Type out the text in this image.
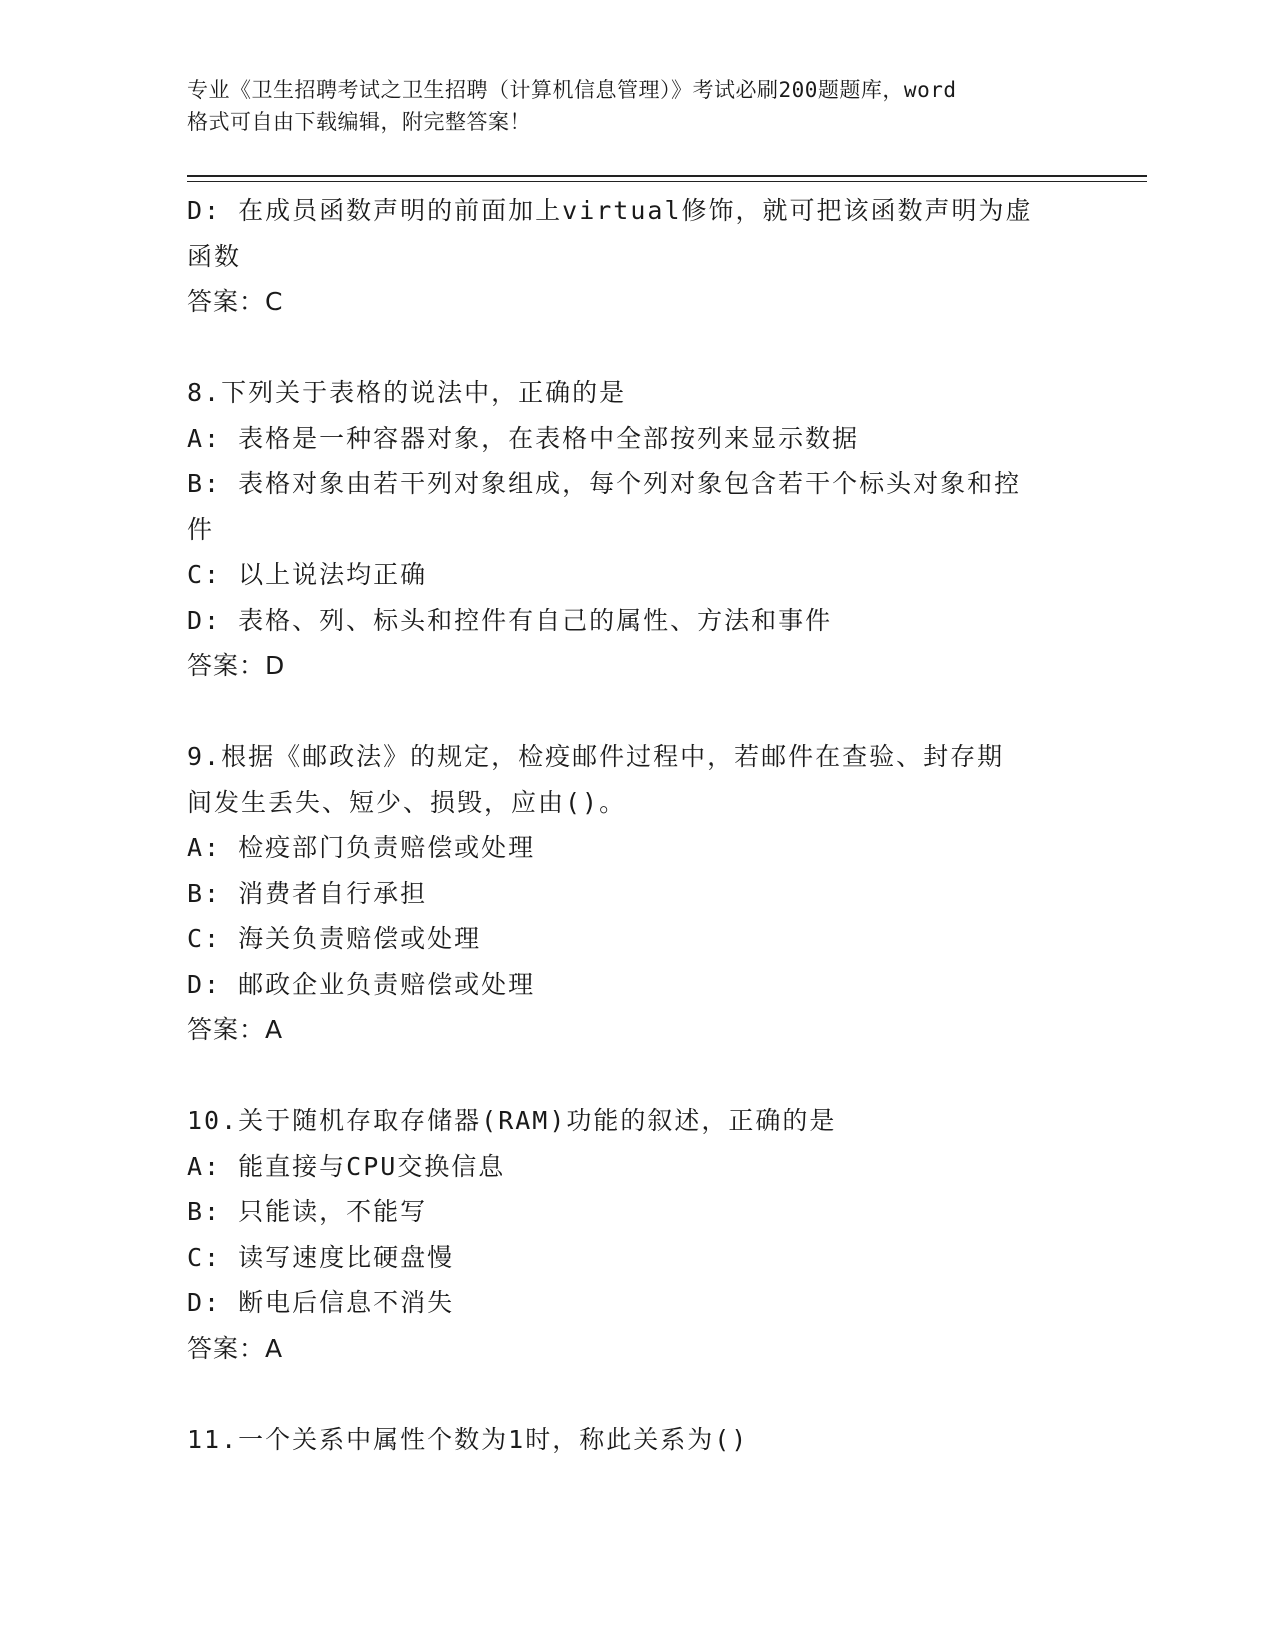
专业《卫生招聘考试之卫生招聘（计算机信息管理）》考试必刷200题题库，word
格式可自由下载编辑，附完整答案！
D: 在成员函数声明的前面加上virtual修饰，就可把该函数声明为虚
函数
答案：C
8.下列关于表格的说法中，正确的是
A: 表格是一种容器对象，在表格中全部按列来显示数据
B: 表格对象由若干列对象组成，每个列对象包含若干个标头对象和控
件
C: 以上说法均正确
D: 表格、列、标头和控件有自己的属性、方法和事件
答案：D
9.根据《邮政法》的规定，检疫邮件过程中，若邮件在查验、封存期
间发生丢失、短少、损毁，应由()。
A: 检疫部门负责赔偿或处理
B: 消费者自行承担
C: 海关负责赔偿或处理
D: 邮政企业负责赔偿或处理
答案：A
10.关于随机存取存储器(RAM)功能的叙述，正确的是
A: 能直接与CPU交换信息
B: 只能读，不能写
C: 读写速度比硬盘慢
D: 断电后信息不消失
答案：A
11.一个关系中属性个数为1时，称此关系为()
